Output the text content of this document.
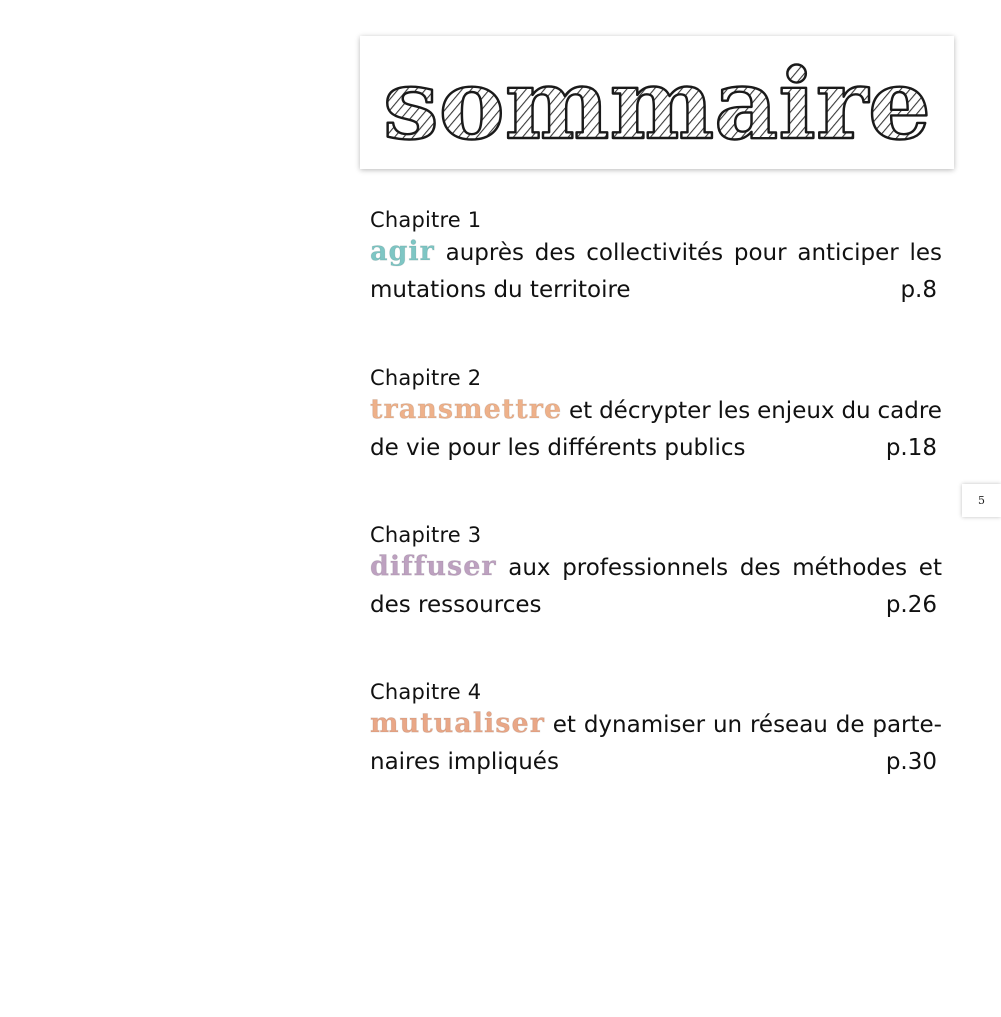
sommaire
Chapitre 1
agir auprès des collectivités pour anticiper les
mutations du territoire	p.8
Chapitre 2
transmettre et décrypter les enjeux du cadre
de vie pour les différents publics	p.18
Chapitre 3
diffuser aux professionnels des méthodes et
des ressources	p.26
Chapitre 4
mutualiser et dynamiser un réseau de parte-
naires impliqués	p.30
5
